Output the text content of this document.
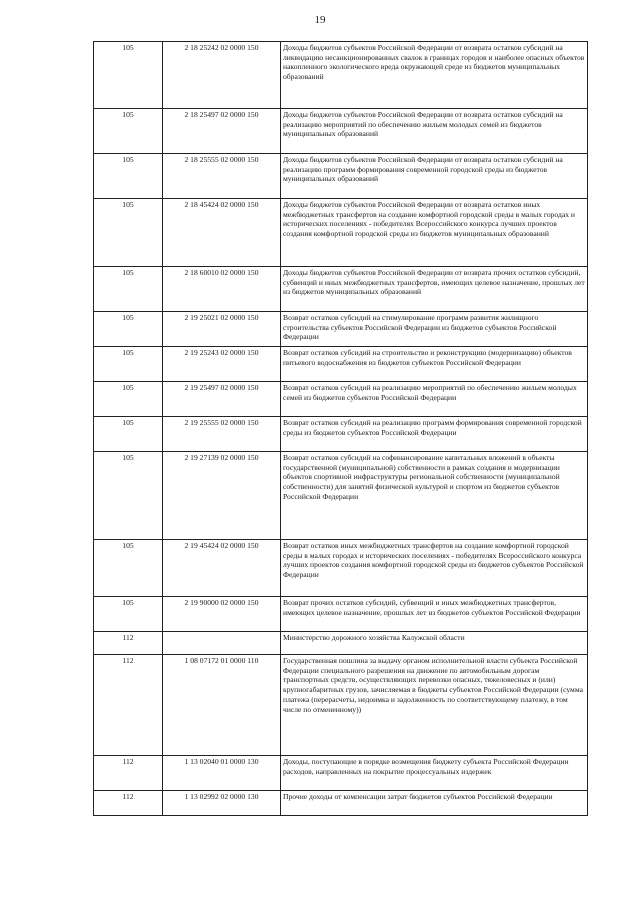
19
105	2 18 25242 02 0000 150	Доходы бюджетов субъектов Российской Федерации от возврата остатков субсидий на ликвидацию несанкционированных свалок в границах городов и наиболее опасных объектов накопленного экологического вреда окружающей среде из бюджетов муниципальных образований
105	2 18 25497 02 0000 150	Доходы бюджетов субъектов Российской Федерации от возврата остатков субсидий на реализацию мероприятий по обеспечению жильем молодых семей из бюджетов муниципальных образований
105	2 18 25555 02 0000 150	Доходы бюджетов субъектов Российской Федерации от возврата остатков субсидий на реализацию программ формирования современной городской среды из бюджетов муниципальных образований
105	2 18 45424 02 0000 150	Доходы бюджетов субъектов Российской Федерации от возврата остатков иных межбюджетных трансфертов на создание комфортной городской среды в малых городах и исторических поселениях - победителях Всероссийского конкурса лучших проектов создания комфортной городской среды из бюджетов муниципальных образований
105	2 18 60010 02 0000 150	Доходы бюджетов субъектов Российской Федерации от возврата прочих остатков субсидий, субвенций и иных межбюджетных трансфертов, имеющих целевое назначение, прошлых лет из бюджетов муниципальных образований
105	2 19 25021 02 0000 150	Возврат остатков субсидий на стимулирование программ развития жилищного строительства субъектов Российской Федерации из бюджетов субъектов Российской Федерации
105	2 19 25243 02 0000 150	Возврат остатков субсидий на строительство и реконструкцию (модернизацию) объектов питьевого водоснабжения из бюджетов субъектов Российской Федерации
105	2 19 25497 02 0000 150	Возврат остатков субсидий на реализацию мероприятий по обеспечению жильем молодых семей из бюджетов субъектов Российской Федерации
105	2 19 25555 02 0000 150	Возврат остатков субсидий на реализацию программ формирования современной городской среды из бюджетов субъектов Российской Федерации
105	2 19 27139 02 0000 150	Возврат остатков субсидий на софинансирование капитальных вложений в объекты государственной (муниципальной) собственности в рамках создания и модернизации объектов спортивной инфраструктуры региональной собственности (муниципальной собственности) для занятий физической культурой и спортом из бюджетов субъектов Российской Федерации
105	2 19 45424 02 0000 150	Возврат остатков иных межбюджетных трансфертов на создание комфортной городской среды в малых городах и исторических поселениях - победителях Всероссийского конкурса лучших проектов создания комфортной городской среды из бюджетов субъектов Российской Федерации
105	2 19 90000 02 0000 150	Возврат прочих остатков субсидий, субвенций и иных межбюджетных трансфертов, имеющих целевое назначение, прошлых лет из бюджетов субъектов Российской Федерации
112		Министерство дорожного хозяйства Калужской области
112	1 08 07172 01 0000 110	Государственная пошлина за выдачу органом исполнительной власти субъекта Российской Федерации специального разрешения на движение по автомобильным дорогам транспортных средств, осуществляющих перевозки опасных, тяжеловесных и (или) крупногабаритных грузов, зачисляемая в бюджеты субъектов Российской Федерации (сумма платежа (перерасчеты, недоимка и задолженность по соответствующему платежу, в том числе по отмененному))
112	1 13 02040 01 0000 130	Доходы, поступающие в порядке возмещения бюджету субъекта Российской Федерации расходов, направленных на покрытие процессуальных издержек
112	1 13 02992 02 0000 130	Прочие доходы от компенсации затрат бюджетов субъектов Российской Федерации
